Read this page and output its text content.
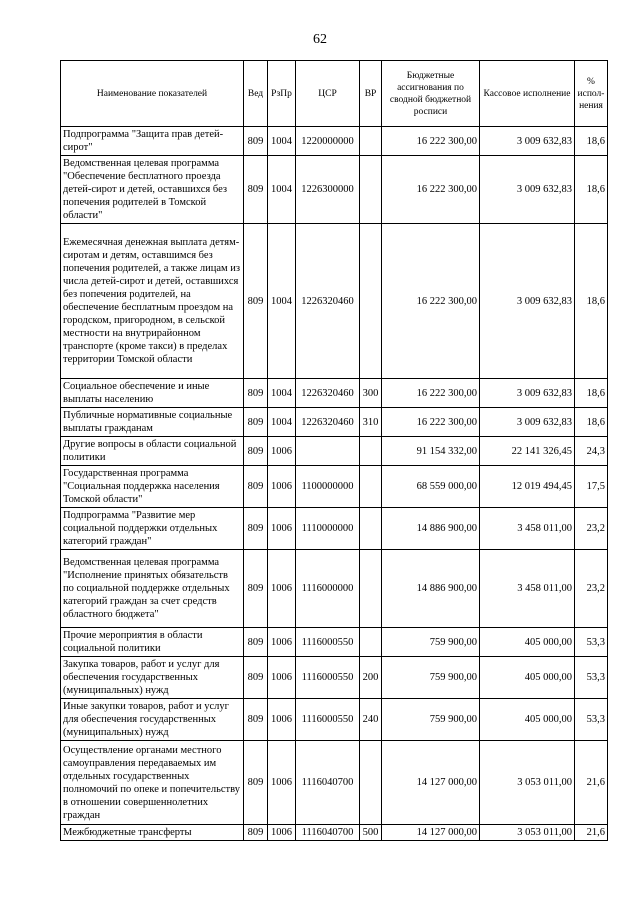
62
Наименование показателей	Вед	РзПр	ЦСР	ВР	Бюджетные ассигнования по сводной бюджетной росписи	Кассовое исполнение	% испол-нения
Подпрограмма "Защита прав детей-сирот"	809	1004	1220000000		16 222 300,00	3 009 632,83	18,6
Ведомственная целевая программа "Обеспечение бесплатного проезда детей-сирот и детей, оставшихся без попечения родителей в Томской области"	809	1004	1226300000		16 222 300,00	3 009 632,83	18,6
Ежемесячная денежная выплата детям-сиротам и детям, оставшимся без попечения родителей, а также лицам из числа детей-сирот и детей, оставшихся без попечения родителей, на обеспечение бесплатным проездом на городском, пригородном, в сельской местности на внутрирайонном транспорте (кроме такси) в пределах территории Томской области	809	1004	1226320460		16 222 300,00	3 009 632,83	18,6
Социальное обеспечение и иные выплаты населению	809	1004	1226320460	300	16 222 300,00	3 009 632,83	18,6
Публичные нормативные социальные выплаты гражданам	809	1004	1226320460	310	16 222 300,00	3 009 632,83	18,6
Другие вопросы в области социальной политики	809	1006			91 154 332,00	22 141 326,45	24,3
Государственная программа "Социальная поддержка населения Томской области"	809	1006	1100000000		68 559 000,00	12 019 494,45	17,5
Подпрограмма "Развитие мер социальной поддержки отдельных категорий граждан"	809	1006	1110000000		14 886 900,00	3 458 011,00	23,2
Ведомственная целевая программа "Исполнение принятых обязательств по социальной поддержке отдельных категорий граждан за счет средств областного бюджета"	809	1006	1116000000		14 886 900,00	3 458 011,00	23,2
Прочие мероприятия в области социальной политики	809	1006	1116000550		759 900,00	405 000,00	53,3
Закупка товаров, работ и услуг для обеспечения государственных (муниципальных) нужд	809	1006	1116000550	200	759 900,00	405 000,00	53,3
Иные закупки товаров, работ и услуг для обеспечения государственных (муниципальных) нужд	809	1006	1116000550	240	759 900,00	405 000,00	53,3
Осуществление органами местного самоуправления передаваемых им отдельных государственных полномочий по опеке и попечительству в отношении совершеннолетних граждан	809	1006	1116040700		14 127 000,00	3 053 011,00	21,6
Межбюджетные трансферты	809	1006	1116040700	500	14 127 000,00	3 053 011,00	21,6
